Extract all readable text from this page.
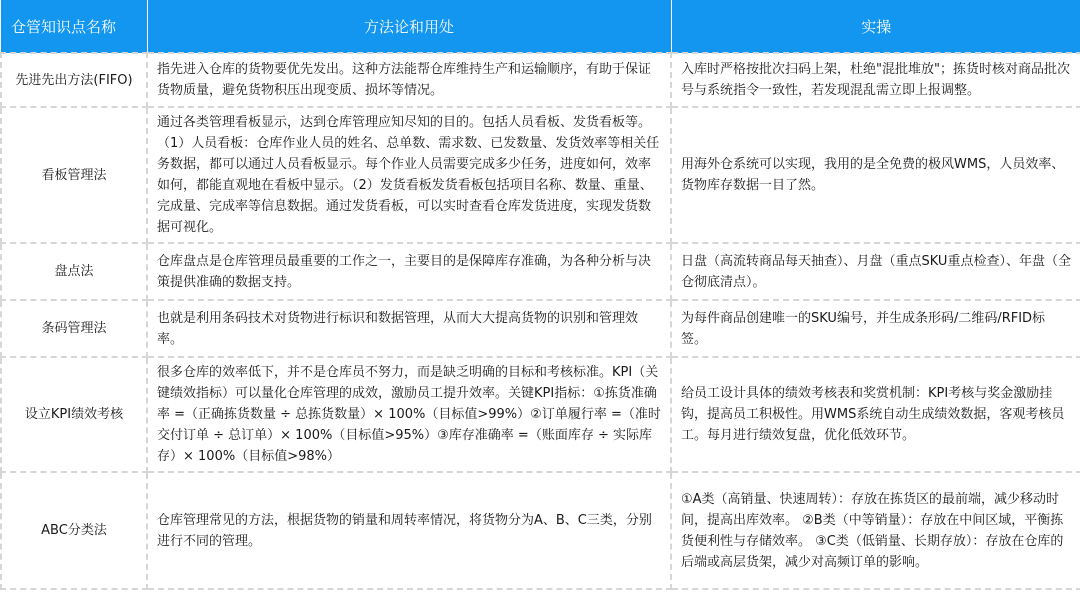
仓管知识点名称	方法论和用处	实操
先进先出方法(FIFO)	指先进入仓库的货物要优先发出。这种方法能帮仓库维持生产和运输顺序，有助于保证货物质量，避免货物积压出现变质、损坏等情况。	入库时严格按批次扫码上架，杜绝"混批堆放"；拣货时核对商品批次号与系统指令一致性，若发现混乱需立即上报调整。
看板管理法	通过各类管理看板显示，达到仓库管理应知尽知的目的。包括人员看板、发货看板等。（1）人员看板：仓库作业人员的姓名、总单数、需求数、已发数量、发货效率等相关任务数据，都可以通过人员看板显示。每个作业人员需要完成多少任务，进度如何，效率如何，都能直观地在看板中显示。（2）发货看板发货看板包括项目名称、数量、重量、完成量、完成率等信息数据。通过发货看板，可以实时查看仓库发货进度，实现发货数据可视化。	用海外仓系统可以实现，我用的是全免费的极风WMS，人员效率、货物库存数据一目了然。
盘点法	仓库盘点是仓库管理员最重要的工作之一，主要目的是保障库存准确，为各种分析与决策提供准确的数据支持。	日盘（高流转商品每天抽查）、月盘（重点SKU重点检查）、年盘（全仓彻底清点）。
条码管理法	也就是利用条码技术对货物进行标识和数据管理，从而大大提高货物的识别和管理效率。	为每件商品创建唯一的SKU编号，并生成条形码/二维码/RFID标签。
设立KPI绩效考核	很多仓库的效率低下，并不是仓库员不努力，而是缺乏明确的目标和考核标准。KPI（关键绩效指标）可以量化仓库管理的成效，激励员工提升效率。关键KPI指标：①拣货准确率 =（正确拣货数量 ÷ 总拣货数量）× 100%（目标值>99%）②订单履行率 =（准时交付订单 ÷ 总订单）× 100%（目标值>95%）③库存准确率 =（账面库存 ÷ 实际库存）× 100%（目标值>98%）	给员工设计具体的绩效考核表和奖赏机制：KPI考核与奖金激励挂钩，提高员工积极性。用WMS系统自动生成绩效数据，客观考核员工。每月进行绩效复盘，优化低效环节。
ABC分类法	仓库管理常见的方法，根据货物的销量和周转率情况，将货物分为A、B、C三类，分别进行不同的管理。	①A类（高销量、快速周转）：存放在拣货区的最前端，减少移动时间，提高出库效率。 ②B类（中等销量）：存放在中间区域，平衡拣货便利性与存储效率。 ③C类（低销量、长期存放）：存放在仓库的后端或高层货架，减少对高频订单的影响。
